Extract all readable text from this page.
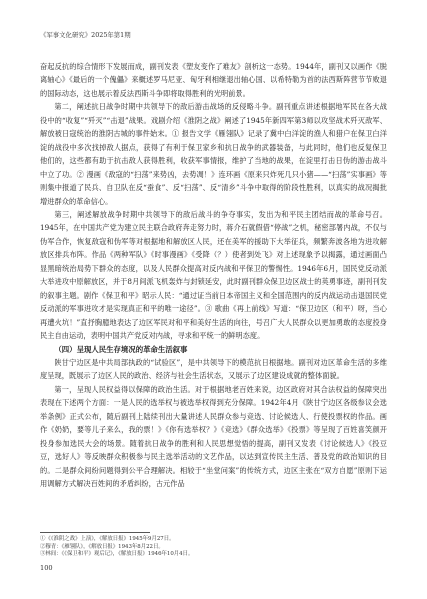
《军事文化研究》2025年第1期

奋起反抗的综合情形下发展而成，副刊发表《塑友变作了难友》剖析这一态势。1944年，副刊又以画作《脱离轴心》《最后的一个傀儡》来概述罗马尼亚、匈牙利相继退出轴心国、以希特勒为首的法西斯阵营节节败退的国际动态，这也展示着反法西斯斗争即将取得胜利的光明前景。

第二，阐述抗日战争时期中共领导下的敌后游击战场的反侵略斗争。副刊重点讲述根据地军民在各大战役中的“收复”“歼灭”“击退”战果。戏剧介绍《淮阴之战》阐述了1945年新四军第3师以攻坚战术歼灭敌军、解放被日寇统治的淮阴古城的事件始末。① 报告文学《雁翎队》记录了冀中白洋淀的渔人和猎户在保卫白洋淀的战役中多次找掉敌人据点，获得了有利于保卫家乡和抗日战争的武器装备，与此同时，他们也反复保卫他们的，这些都有助于抗击敌人获得胜利，收获军事情报，维护了当地的战果，在淀里打击日伪的游击战斗中立了功。② 漫画《敌寇的“扫荡”来势凶，去势凋！》连环画《原来只炸死几只小猪——“扫荡”实事画》等则集中报道了民兵、自卫队在反“蚕食”、反“扫荡”、反“清乡”斗争中取得的阶段性胜利，以真实的战况揭批增进群众的革命信心。

第三，阐述解放战争时期中共领导下的敌后战斗的争夺事实，发出为和平民主团结而战的革命号召。1945年，在中国共产党为建立民主联合政府奔走努力时，蒋介石就假借“停战”之机，秘密部署内战，不仅与伪军合作，恢复敌寇和伪军等对根据地和解放区人民，还在美军的援助下大举征兵，频繁奔波各地为进攻解放区排兵布阵。作品《两种军队》《时事漫画》《受降（？）使者到处飞》对上述现象予以揭露，通过画面凸显黑暗统治局势下群众的态度，以及人民群众提高对反内战和平保卫的警惕性。1946年6月，国民党反动派大举进攻中原解放区，并于8月间派飞机轰炸与封锁延安，此时副刊群众保卫边区战士的英勇事迹，副刊刊发的叙事主题。剧作《保卫和平》昭示人民：“通过证当前日本帝国主义和全国范围内的反内战运动击退国民党反动派的军事进攻才是实现真正和平的唯一途径”。③ 歌曲《再上前线》写道：“保卫边区（和平）呀，当心再遭火坑！”直抒胸臆地表达了边区军民对和平和美好生活的向往，号召广大人民群众以更加勇敢的态度投身民主自由运动，表明中国共产党反对内战，寻求和平统一的鲜明态度。

（四）呈现人民生存境况的革命生活叙事

陕甘宁边区是中共局部执政的“试验区”，是中共领导下的模范抗日根据地。副刊对边区革命生活的多维度呈现，既展示了边区人民的政治、经济与社会生活状态，又展示了边区建设成就的整体面貌。

第一，呈现人民权益得以保障的政治生活。对于根据地老百姓来说，边区政府对其合法权益的保障突出表现在下述两个方面：一是人民的选举权与被选举权得到充分保障。1942年4月《陕甘宁边区各级参议会选举条例》正式公布，随后副刊上陆续刊出大量讲述人民群众参与竞选、讨论候选人、行使投票权的作品。画作《奶奶，要等儿子来么，我的票！》《你有选举权？》《竞选》《群众选举》《投票》等呈现了百姓喜笑颜开投身参加选民大会的场景。随着抗日战争的胜利和人民思想觉悟的提高，副刊又发表《讨论候选人》《投豆豆，选好人》等反映群众积极参与民主选举活动的文艺作品，以达到宣传民主生活、普及党的政治知识的目的。二是群众间纷问题得到公平合理解决。相较于“坐堂问案”的传统方式，边区主张在“双方自愿”原则下运用调解方式解决百姓间的矛盾纠纷，古元作品

①《《淮阴之战》上演》，《解放日报》1945年9月27日。
②穆青：《雁翎队》，《解放日报》1943年8月22日。
③林间：《《保卫和平》观后记》，《解放日报》1946年10月4日。
100
